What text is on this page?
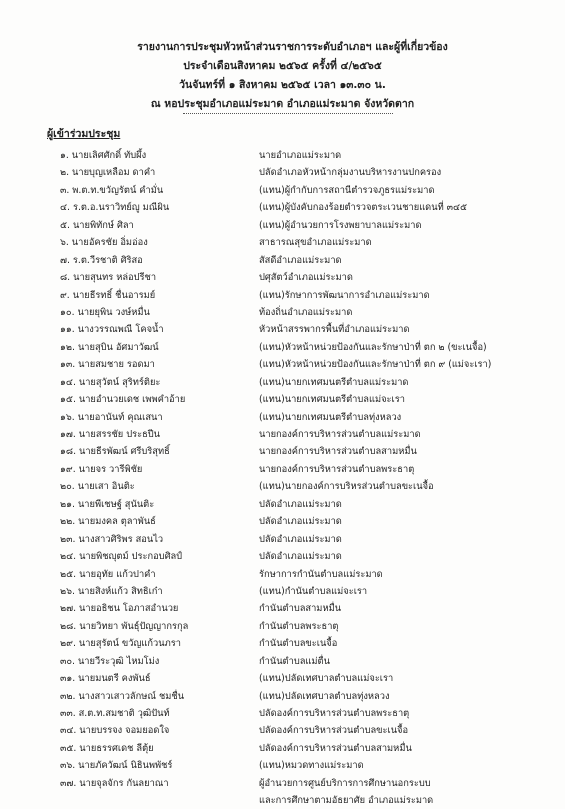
รายงานการประชุมหัวหน้าส่วนราชการระดับอำเภอฯ และผู้ที่เกี่ยวข้อง
ประจำเดือนสิงหาคม ๒๕๖๕ ครั้งที่ ๔/๒๕๖๕
วันจันทร์ที่ ๑ สิงหาคม ๒๕๖๕ เวลา ๑๓.๓๐ น.
ณ หอประชุมอำเภอแม่ระมาด อำเภอแม่ระมาด จังหวัดตาก
ผู้เข้าร่วมประชุม
๑. นายเลิศศักดิ์ ทับผึ้ง	นายอำเภอแม่ระมาด
๒. นายบุญเหลือม ดาคำ	ปลัดอำเภอหัวหน้ากลุ่มงานบริหารงานปกครอง
๓. พ.ต.ท.ขวัญรัตน์ คำมั่น	(แทน)ผู้กำกับการสถานีตำรวจภูธรแม่ระมาด
๔. ร.ต.อ.นราวิทย์ญู มณีผิน	(แทน)ผู้บังคับกองร้อยตำรวจตระเวนชายแดนที่ ๓๔๕
๕. นายพิทักษ์ ศิลา	(แทน)ผู้อำนวยการโรงพยาบาลแม่ระมาด
๖. นายอัครชัย อิ่มอ่อง	สาธารณสุขอำเภอแม่ระมาด
๗. ร.ต.วีรชาติ ศิริสอ	สัสดีอำเภอแม่ระมาด
๘. นายสุนทร หล่อปรีชา	ปศุสัตว์อำเภอแม่ระมาด
๙. นายธีรทธิ์ ชื่นอารมย์	(แทน)รักษาการพัฒนาการอำเภอแม่ระมาด
๑๐. นายยุพิน วงษ์หมื่น	ท้องถิ่นอำเภอแม่ระมาด
๑๑. นางวรรณพณี โคจน้ำ	หัวหน้าสรรพากรพื้นที่อำเภอแม่ระมาด
๑๒. นายสุบิน อัศมาวัฒน์	(แทน)หัวหน้าหน่วยป้องกันและรักษาป่าที่ ตก ๒ (ขะเนจื้อ)
๑๓. นายสมชาย รอดมา	(แทน)หัวหน้าหน่วยป้องกันและรักษาป่าที่ ตก ๙ (แม่จะเรา)
๑๔. นายสุวัตน์ สุริทร์ติยะ	(แทน)นายกเทศมนตรีตำบลแม่ระมาด
๑๕. นายอำนวยเดช เพพคำอ้าย	(แทน)นายกเทศมนตรีตำบลแม่จะเรา
๑๖. นายอานันท์ คุณเสนา	(แทน)นายกเทศมนตรีตำบลทุ่งหลวง
๑๗. นายสรรชัย ประธปีน	นายกองค์การบริหารส่วนตำบลแม่ระมาด
๑๘. นายธีรพัฒน์ ศรีบริสุทธิ์	นายกองค์การบริหารส่วนตำบลสามหมื่น
๑๙. นายจร วารีพิชัย	นายกองค์การบริหารส่วนตำบลพระธาตุ
๒๐. นายเสา อินติะ	(แทน)นายกองค์การบริหรส่วนตำบลขะเนจื้อ
๒๑. นายพีเชษฐ์ สุนันติะ	ปลัดอำเภอแม่ระมาด
๒๒. นายมงคล ตุลาพันธ์	ปลัดอำเภอแม่ระมาด
๒๓. นางสาวศิริพร สอนไว	ปลัดอำเภอแม่ระมาด
๒๔. นายพิชญุตม์ ประกอบศิลป์	ปลัดอำเภอแม่ระมาด
๒๕. นายอุทัย แก้วปาคำ	รักษาการกำนันตำบลแม่ระมาด
๒๖. นายสิงห์แก้ว สิทธิเก๋า	(แทน)กำนันตำบลแม่จะเรา
๒๗. นายอธิชน โอภาสอำนวย	กำนันตำบลสามหมื่น
๒๘. นายวิทยา พันธุ์ปัญญากรกุล	กำนันตำบลพระธาตุ
๒๙. นายสุรัตน์ ขวัญแก้วนภรา	กำนันตำบลขะเนจื้อ
๓๐. นายวีระวุฒิ ไหมโม่ง	กำนันตำบลแม่ตื่น
๓๑. นายมนตรี คงพันธ์	(แทน)ปลัดเทศบาลตำบลแม่จะเรา
๓๒. นางสาวเสาวลักษณ์ ชมชื่น	(แทน)ปลัดเทศบาลตำบลทุ่งหลวง
๓๓. ส.ต.ท.สมชาติ วุฒิปันท์	ปลัดองค์การบริหารส่วนตำบลพระธาตุ
๓๔. นายบรรจง จอมยอดใจ	ปลัดองค์การบริหารส่วนตำบลขะเนจื้อ
๓๕. นายธรรศเดช ลีตุ้ย	ปลัดองค์การบริหารส่วนตำบลสามหมื่น
๓๖. นายภัควัฒน์ นิธินพพัชร์	(แทน)หมวดทางแม่ระมาด
๓๗. นายจุลจักร กันลยาณา	ผู้อำนวยการศูนย์บริการการศึกษานอกระบบ
และการศึกษาตามอัธยาศัย อำเภอแม่ระมาด
